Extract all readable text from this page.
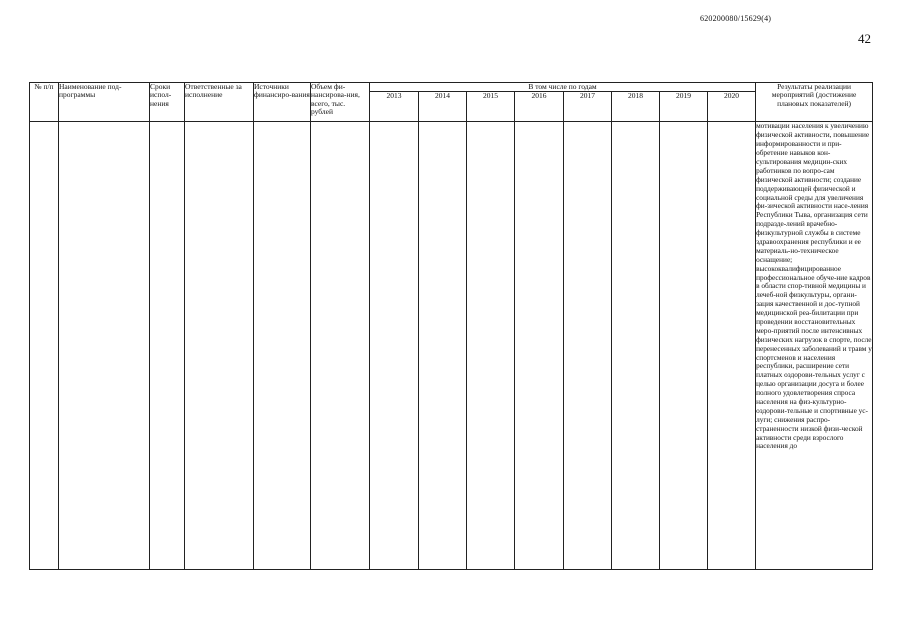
620200080/15629(4)
42
№ п/п	Наименование под-программы	Сроки испол-нения	Ответственные за исполнение	Источники финансиро-вания	Объем фи-нансирова-ния, всего, тыс. рублей	В том числе по годам								Результаты реализации мероприятий (достижение плановых показателей)
						2013	2014	2015	2016	2017	2018	2019	2020	
														мотивации населения к увеличению физической активности, повышение информированности и при-обретение навыков кон-сультирования медицин-ских работников по вопро-сам физической активности; создание поддерживающей физической и социальной среды для увеличения фи-зической активности насе-ления Республики Тыва, организация сети подразде-лений врачебно-физкультурной службы в системе здравоохранения республики и ее материаль-но-техническое оснащение; высококвалифицированное профессиональное обуче-ние кадров в области спор-тивной медицины и лечеб-ной физкультуры, органи-зация качественной и дос-тупной медицинской реа-билитации при проведении восстановительных меро-приятий после интенсивных физических нагрузок в спорте, после перенесенных заболеваний и травм у спортсменов и населения республики, расширение сети платных оздорови-тельных услуг с целью организации досуга и более полного удовлетворения спроса населения на физ-культурно-оздорови-тельные и спортивные ус-луги; снижения распро-страненности низкой физи-ческой активности среди взрослого населения до
